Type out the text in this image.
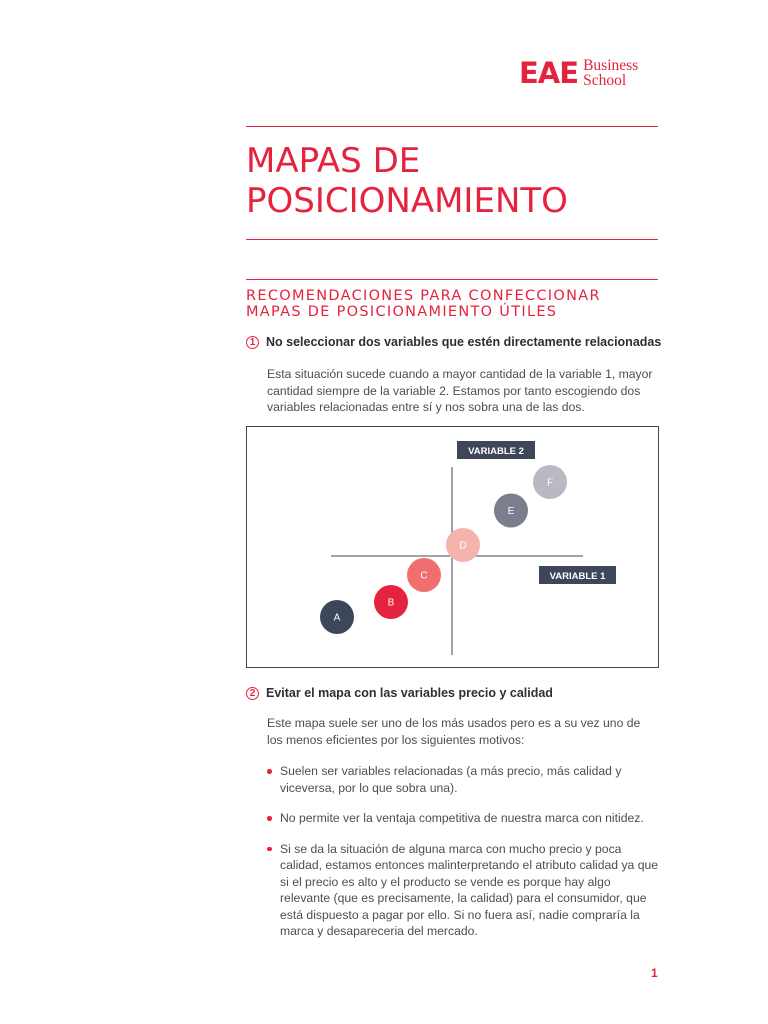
EAE Business
School
MAPAS DE
POSICIONAMIENTO
RECOMENDACIONES PARA CONFECCIONAR
MAPAS DE POSICIONAMIENTO ÚTILES
1 No seleccionar dos variables que estén directamente relacionadas

Esta situación sucede cuando a mayor cantidad de la variable 1, mayor cantidad siempre de la variable 2. Estamos por tanto escogiendo dos variables relacionadas entre sí y nos sobra una de las dos.

VARIABLE 2
VARIABLE 1
A
B
C
D
E
F
2 Evitar el mapa con las variables precio y calidad

Este mapa suele ser uno de los más usados pero es a su vez uno de los menos eficientes por los siguientes motivos:

Suelen ser variables relacionadas (a más precio, más calidad y viceversa, por lo que sobra una).
No permite ver la ventaja competitiva de nuestra marca con nitidez.
Si se da la situación de alguna marca con mucho precio y poca calidad, estamos entonces malinterpretando el atributo calidad ya que si el precio es alto y el producto se vende es porque hay algo relevante (que es precisamente, la calidad) para el consumidor, que está dispuesto a pagar por ello. Si no fuera así, nadie compraría la marca y desapareceria del mercado.
1
